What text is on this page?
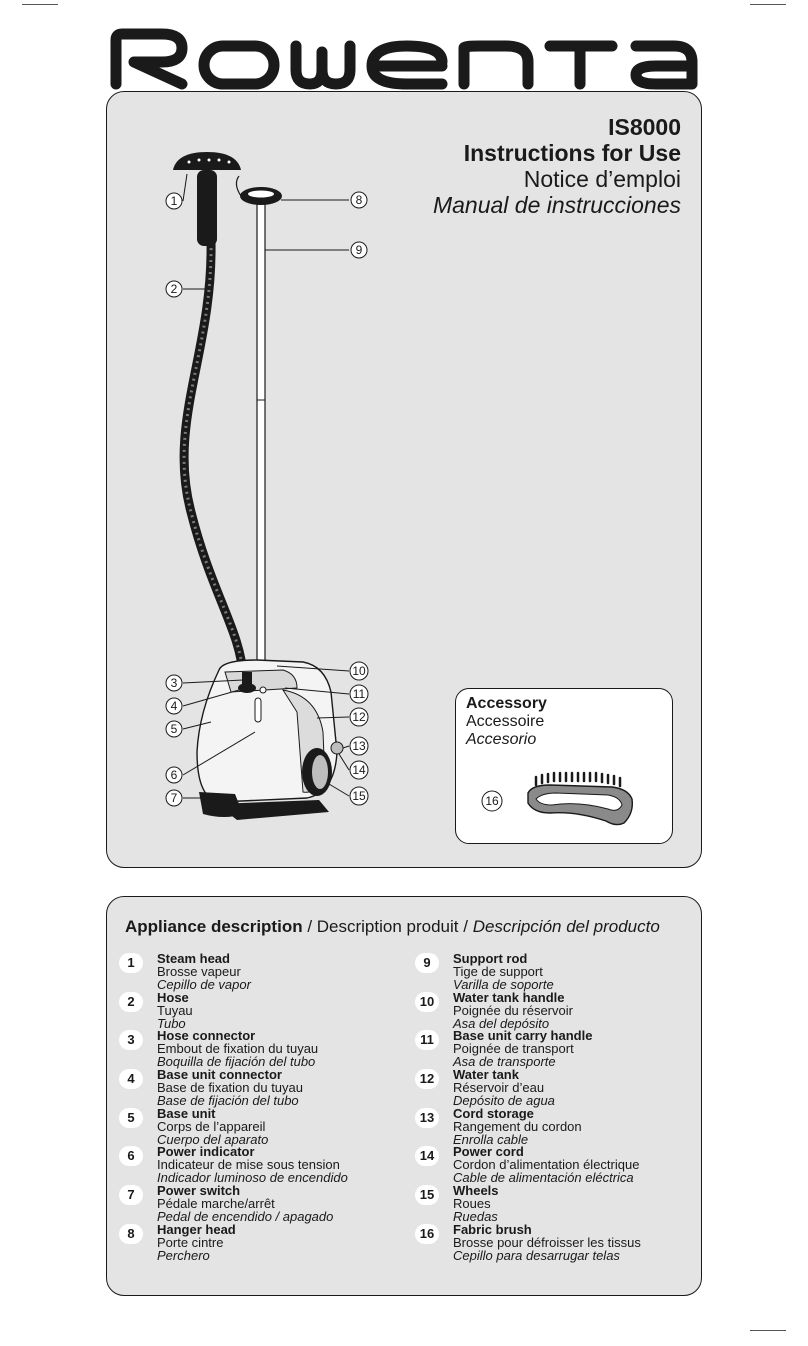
IS8000
Instructions for Use
Notice d’emploi
Manual de instrucciones
1
2
3
4
5
6
7
8
9
10
11
12
13
14
15
Accessory
Accessoire
Accesorio
16
Appliance description / Description produit / Descripción del producto
1	Steam head
Brosse vapeur
Cepillo de vapor
2	Hose
Tuyau
Tubo
3	Hose connector
Embout de fixation du tuyau
Boquilla de fijación del tubo
4	Base unit connector
Base de fixation du tuyau
Base de fijación del tubo
5	Base unit
Corps de l’appareil
Cuerpo del aparato
6	Power indicator
Indicateur de mise sous tension
Indicador luminoso de encendido
7	Power switch
Pédale marche/arrêt
Pedal de encendido / apagado
8	Hanger head
Porte cintre
Perchero
9	Support rod
Tige de support
Varilla de soporte
10	Water tank handle
Poignée du réservoir
Asa del depósito
11	Base unit carry handle
Poignée de transport
Asa de transporte
12	Water tank
Réservoir d’eau
Depósito de agua
13	Cord storage
Rangement du cordon
Enrolla cable
14	Power cord
Cordon d’alimentation électrique
Cable de alimentación eléctrica
15	Wheels
Roues
Ruedas
16	Fabric brush
Brosse pour défroisser les tissus
Cepillo para desarrugar telas
